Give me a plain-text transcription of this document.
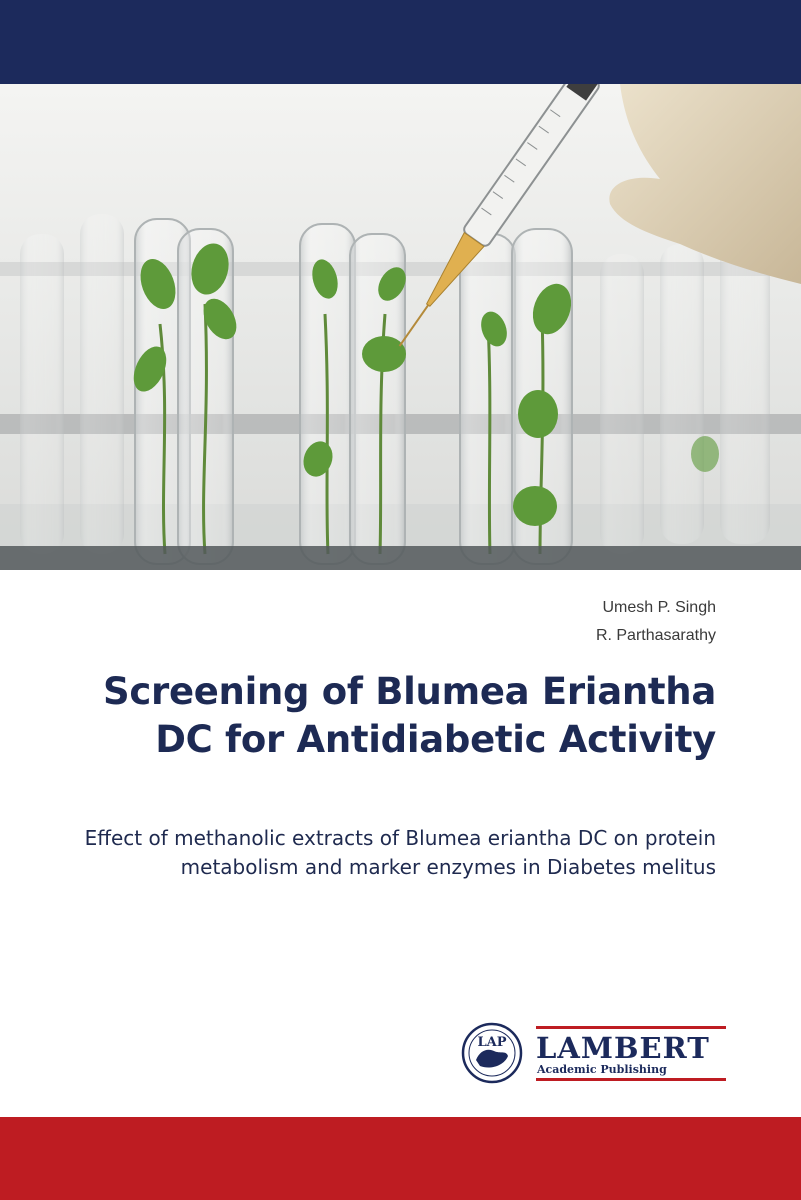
Umesh P. Singh
R. Parthasarathy
Screening of Blumea Eriantha DC for Antidiabetic Activity

Effect of methanolic extracts of Blumea eriantha DC on protein metabolism and marker enzymes in Diabetes melitus

LAP LAMBERT
Academic Publishing
